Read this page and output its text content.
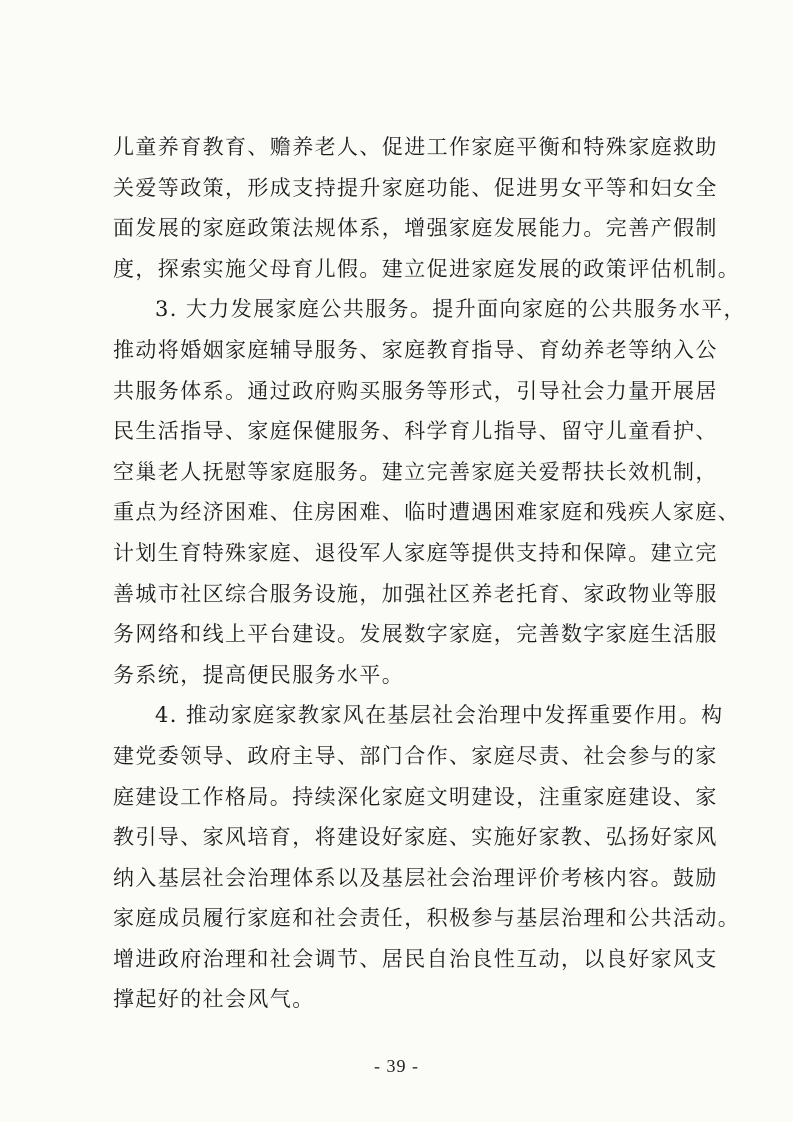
儿童养育教育、赡养老人、促进工作家庭平衡和特殊家庭救助
关爱等政策，形成支持提升家庭功能、促进男女平等和妇女全
面发展的家庭政策法规体系，增强家庭发展能力。完善产假制
度，探索实施父母育儿假。建立促进家庭发展的政策评估机制。
3. 大力发展家庭公共服务。提升面向家庭的公共服务水平，
推动将婚姻家庭辅导服务、家庭教育指导、育幼养老等纳入公
共服务体系。通过政府购买服务等形式，引导社会力量开展居
民生活指导、家庭保健服务、科学育儿指导、留守儿童看护、
空巢老人抚慰等家庭服务。建立完善家庭关爱帮扶长效机制，
重点为经济困难、住房困难、临时遭遇困难家庭和残疾人家庭、
计划生育特殊家庭、退役军人家庭等提供支持和保障。建立完
善城市社区综合服务设施，加强社区养老托育、家政物业等服
务网络和线上平台建设。发展数字家庭，完善数字家庭生活服
务系统，提高便民服务水平。
4. 推动家庭家教家风在基层社会治理中发挥重要作用。构
建党委领导、政府主导、部门合作、家庭尽责、社会参与的家
庭建设工作格局。持续深化家庭文明建设，注重家庭建设、家
教引导、家风培育，将建设好家庭、实施好家教、弘扬好家风
纳入基层社会治理体系以及基层社会治理评价考核内容。鼓励
家庭成员履行家庭和社会责任，积极参与基层治理和公共活动。
增进政府治理和社会调节、居民自治良性互动，以良好家风支
撑起好的社会风气。
- 39 -
